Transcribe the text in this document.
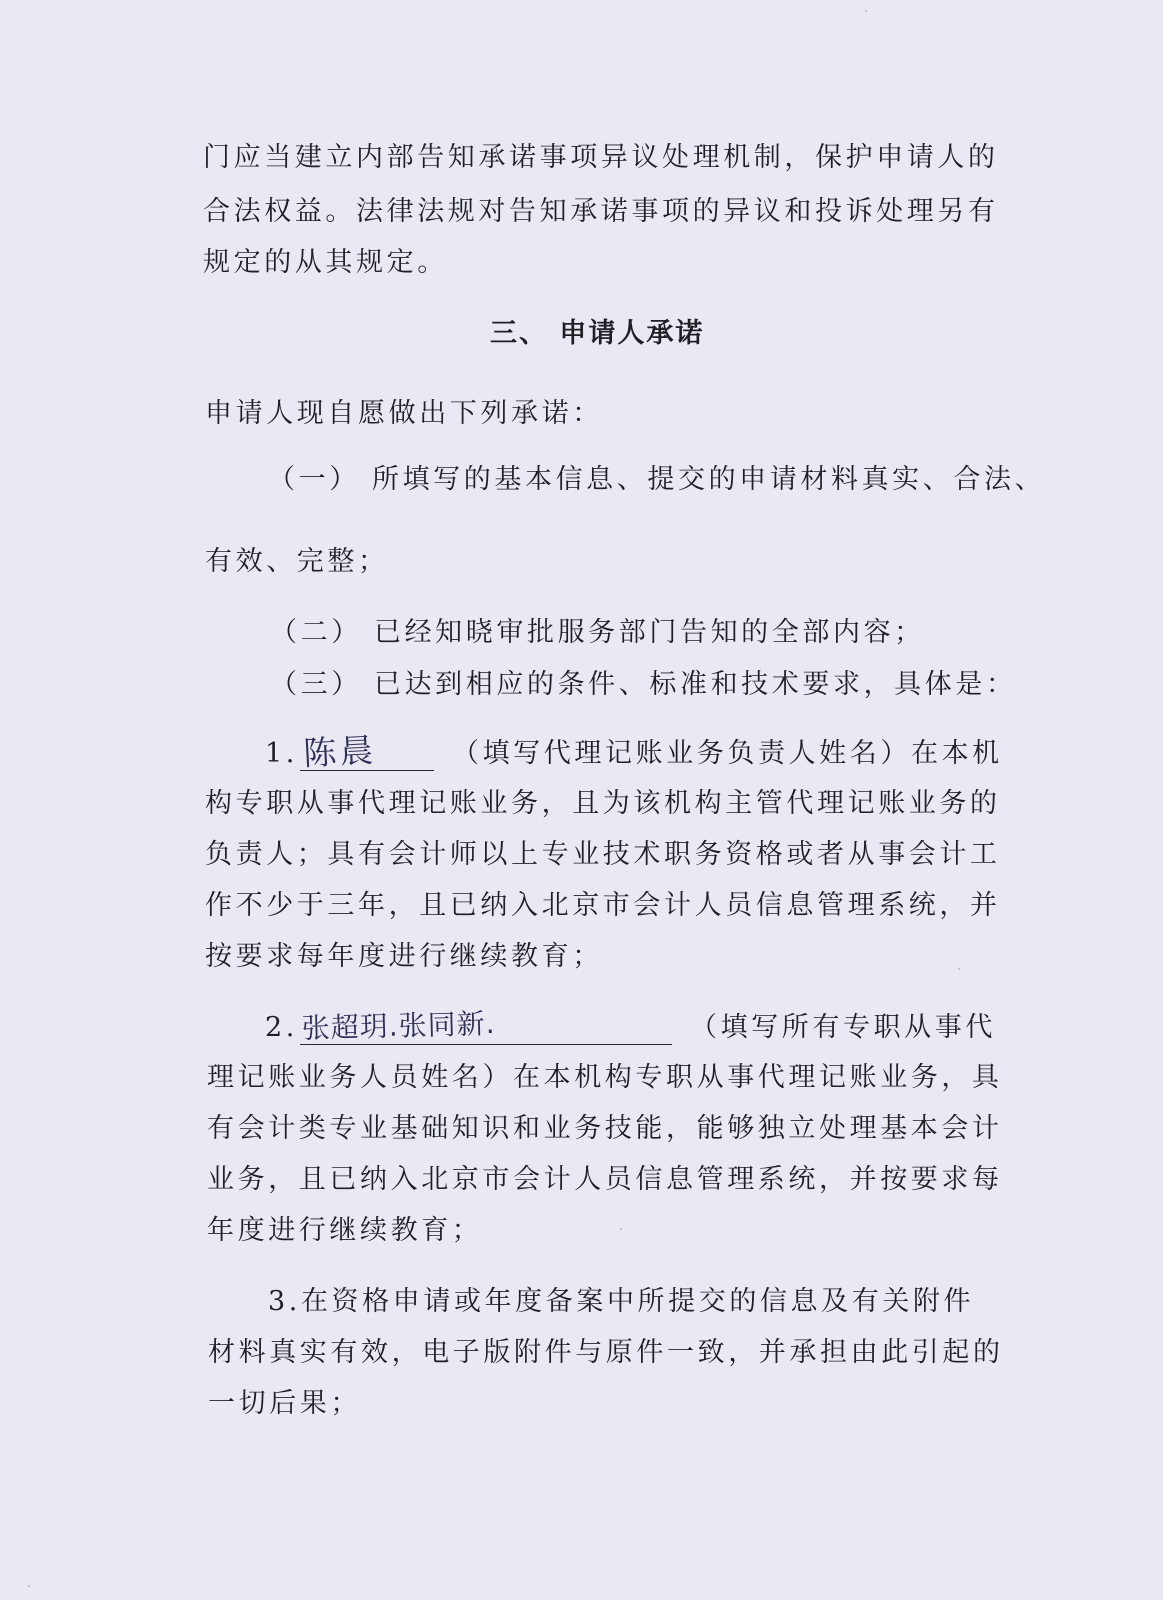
门应当建立内部告知承诺事项异议处理机制，保护申请人的
合法权益。法律法规对告知承诺事项的异议和投诉处理另有
规定的从其规定。
三、 申请人承诺
申请人现自愿做出下列承诺：
（一） 所填写的基本信息、提交的申请材料真实、合法、
有效、完整；
（二） 已经知晓审批服务部门告知的全部内容；
（三） 已达到相应的条件、标准和技术要求，具体是：
1. 陈晨	（填写代理记账业务负责人姓名）在本机
构专职从事代理记账业务，且为该机构主管代理记账业务的
负责人；具有会计师以上专业技术职务资格或者从事会计工
作不少于三年，且已纳入北京市会计人员信息管理系统，并
按要求每年度进行继续教育；
2. 张超玥.张同新.	（填写所有专职从事代
理记账业务人员姓名）在本机构专职从事代理记账业务，具
有会计类专业基础知识和业务技能，能够独立处理基本会计
业务，且已纳入北京市会计人员信息管理系统，并按要求每
年度进行继续教育；
3.在资格申请或年度备案中所提交的信息及有关附件
材料真实有效，电子版附件与原件一致，并承担由此引起的
一切后果；
